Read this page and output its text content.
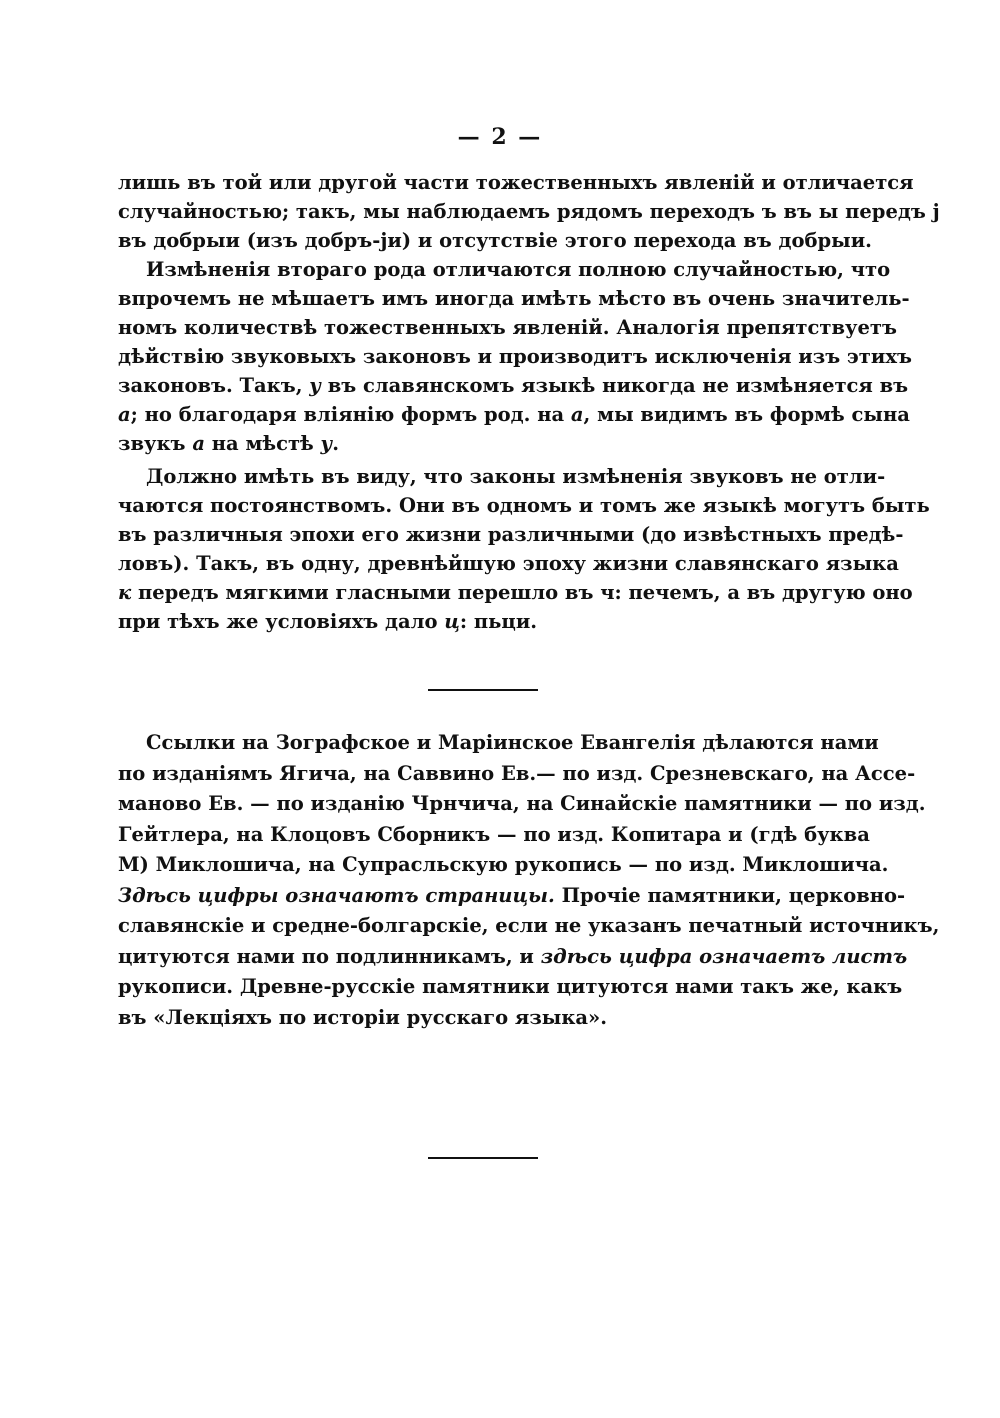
— 2 —
лишь въ той или другой части тожественныхъ явленій и отличается
случайностью; такъ, мы наблюдаемъ рядомъ переходъ ъ въ ы передъ j
въ добрыи (изъ добръ-jи) и отсутствіе этого перехода въ добрыи.
Измѣненія втораго рода отличаются полною случайностью, что
впрочемъ не мѣшаетъ имъ иногда имѣть мѣсто въ очень значитель-
номъ количествѣ тожественныхъ явленій. Аналогія препятствуетъ
дѣйствію звуковыхъ законовъ и производитъ исключенія изъ этихъ
законовъ. Такъ, у въ славянскомъ языкѣ никогда не измѣняется въ
а; но благодаря вліянію формъ род. на а, мы видимъ въ формѣ сына
звукъ а на мѣстѣ у.
Должно имѣть въ виду, что законы измѣненія звуковъ не отли-
чаются постоянствомъ. Они въ одномъ и томъ же языкѣ могутъ быть
въ различныя эпохи его жизни различными (до извѣстныхъ предѣ-
ловъ). Такъ, въ одну, древнѣйшую эпоху жизни славянскаго языка
к передъ мягкими гласными перешло въ ч: печемъ, а въ другую оно
при тѣхъ же условіяхъ дало ц: пьци.
Ссылки на Зографское и Маріинское Евангелія дѣлаются нами
по изданіямъ Ягича, на Саввино Ев.— по изд. Срезневскаго, на Ассе-
маново Ев. — по изданію Чрнчича, на Синайскіе памятники — по изд.
Гейтлера, на Клоцовъ Сборникъ — по изд. Копитара и (гдѣ буква
М) Миклошича, на Супрасльскую рукопись — по изд. Миклошича.
Здѣсь цифры означаютъ страницы. Прочіе памятники, церковно-
славянскіе и средне-болгарскіе, если не указанъ печатный источникъ,
цитуются нами по подлинникамъ, и здѣсь цифра означаетъ листъ
рукописи. Древне-русскіе памятники цитуются нами такъ же, какъ
въ «Лекціяхъ по исторіи русскаго языка».
